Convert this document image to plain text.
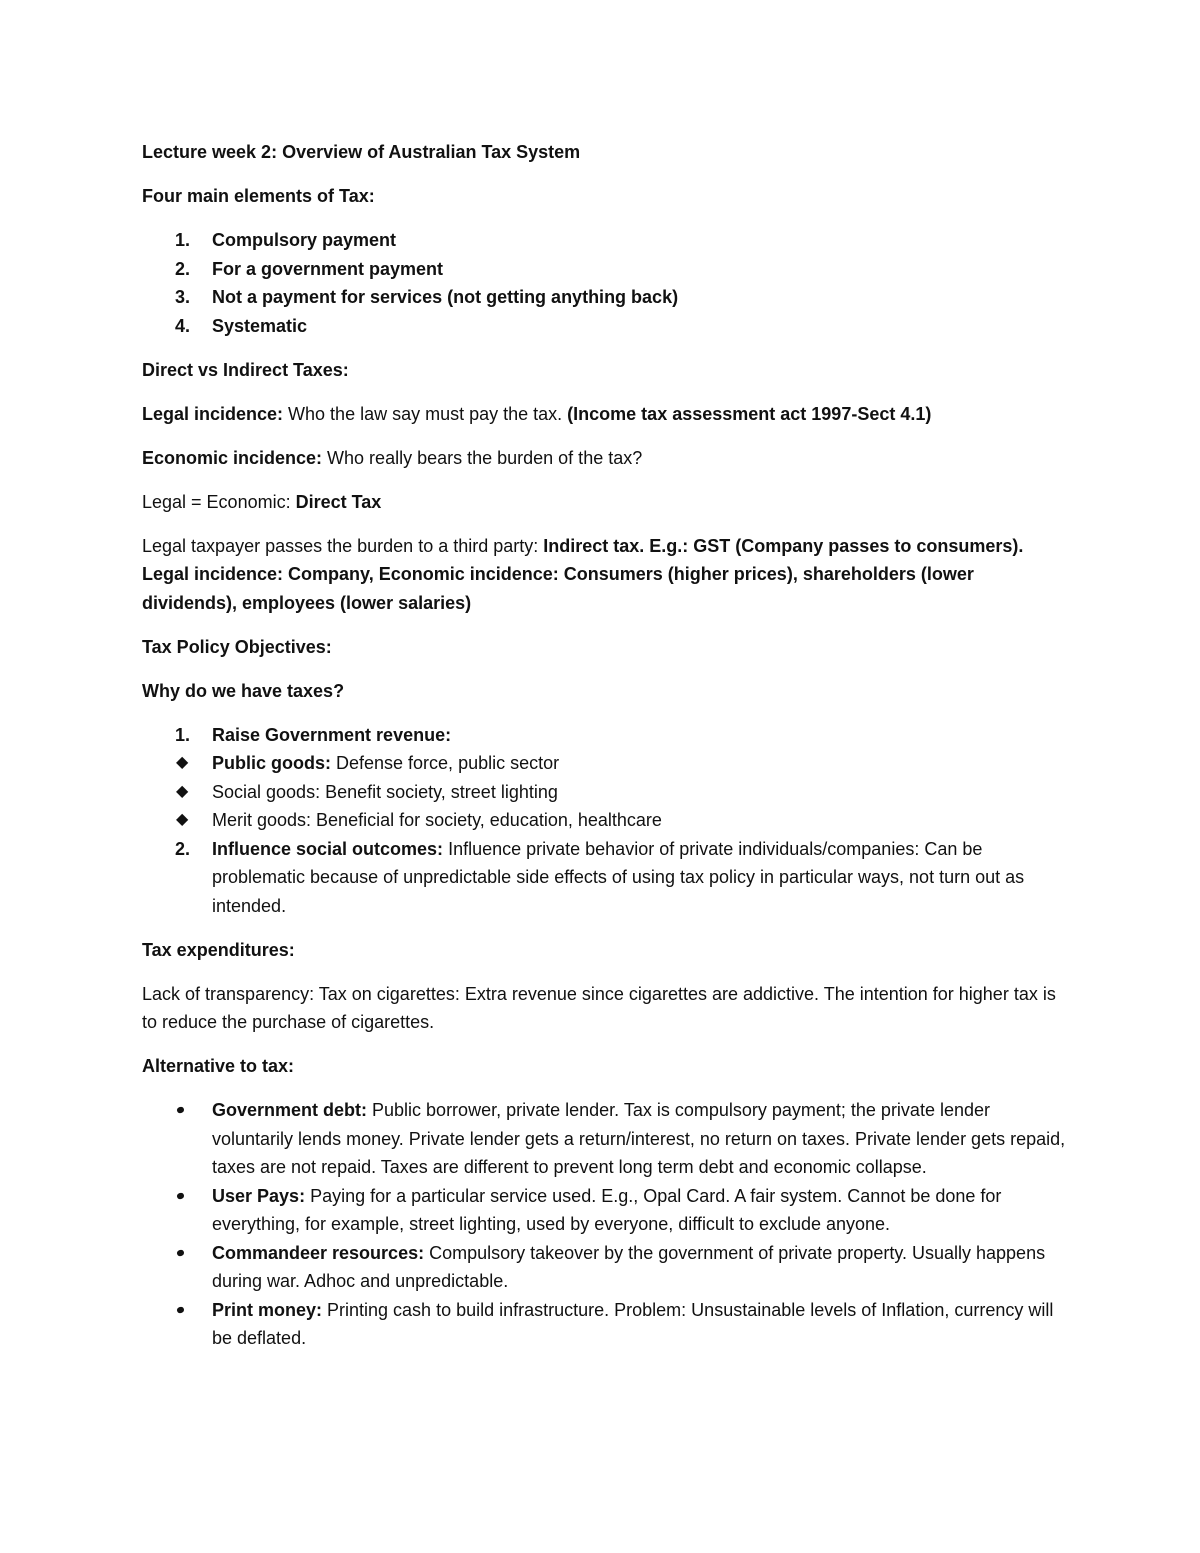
Lecture week 2: Overview of Australian Tax System

Four main elements of Tax:

1. Compulsory payment
2. For a government payment
3. Not a payment for services (not getting anything back)
4. Systematic

Direct vs Indirect Taxes:

Legal incidence: Who the law say must pay the tax. (Income tax assessment act 1997-Sect 4.1)

Economic incidence: Who really bears the burden of the tax?

Legal = Economic: Direct Tax

Legal taxpayer passes the burden to a third party: Indirect tax. E.g.: GST (Company passes to consumers). Legal incidence: Company, Economic incidence: Consumers (higher prices), shareholders (lower dividends), employees (lower salaries)

Tax Policy Objectives:

Why do we have taxes?

1. Raise Government revenue:
◆ Public goods: Defense force, public sector
◆ Social goods: Benefit society, street lighting
◆ Merit goods: Beneficial for society, education, healthcare
2. Influence social outcomes: Influence private behavior of private individuals/companies: Can be problematic because of unpredictable side effects of using tax policy in particular ways, not turn out as intended.

Tax expenditures:

Lack of transparency: Tax on cigarettes: Extra revenue since cigarettes are addictive. The intention for higher tax is to reduce the purchase of cigarettes.

Alternative to tax:

Government debt: Public borrower, private lender. Tax is compulsory payment; the private lender voluntarily lends money. Private lender gets a return/interest, no return on taxes. Private lender gets repaid, taxes are not repaid. Taxes are different to prevent long term debt and economic collapse.
User Pays: Paying for a particular service used. E.g., Opal Card. A fair system. Cannot be done for everything, for example, street lighting, used by everyone, difficult to exclude anyone.
Commandeer resources: Compulsory takeover by the government of private property. Usually happens during war. Adhoc and unpredictable.
Print money: Printing cash to build infrastructure. Problem: Unsustainable levels of Inflation, currency will be deflated.
